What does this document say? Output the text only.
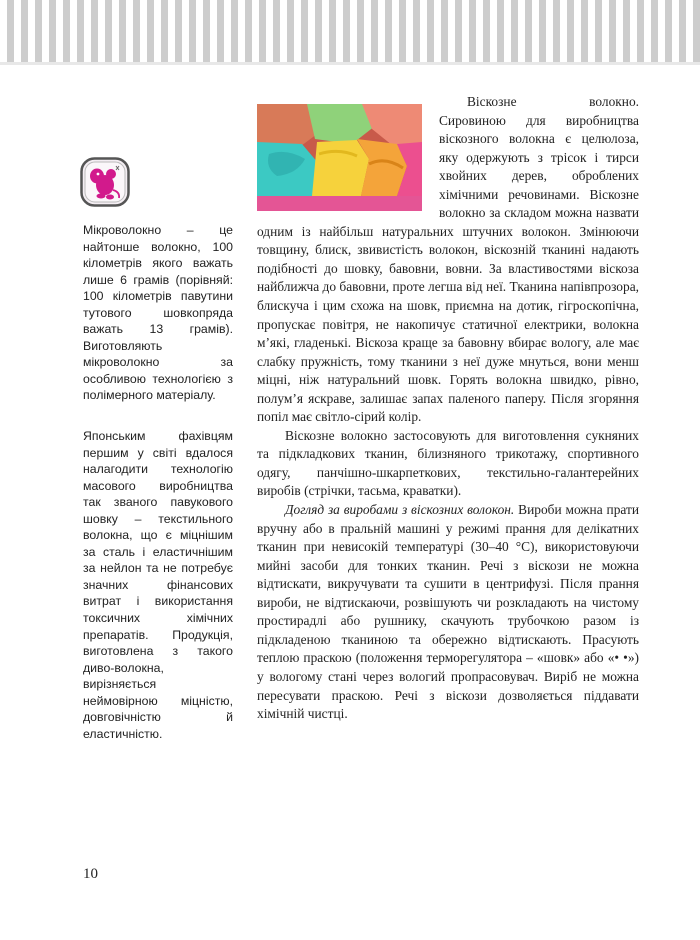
Мікроволокно – це найтонше волокно, 100 кілометрів якого важать лише 6 грамів (порівняй: 100 кілометрів павутини тутового шовкопряда важать 13 грамів). Виготовляють мікроволокно за особливою технологією з полімерного матеріалу.

Японським фахівцям першим у світі вдалося налагодити технологію масового виробництва так званого павукового шовку – текстильного волокна, що є міцнішим за сталь і еластичнішим за нейлон та не потребує значних фінансових витрат і використання токсичних хімічних препаратів. Продукція, виготовлена з такого диво-волокна, вирізняється неймовірною міцністю, довговічністю й еластичністю.

Віскозне волокно. Сировиною для виробництва віскозного волокна є целюлоза, яку одержують з трісок і тирси хвойних дерев, оброблених хімічними речовинами. Віскозне волокно за складом можна назвати одним із найбільш натуральних штучних волокон. Змінюючи товщину, блиск, звивистість волокон, віскозній тканині надають подібності до шовку, бавовни, вовни. За властивостями віскоза найближча до бавовни, проте легша від неї. Тканина напівпрозора, блискуча і цим схожа на шовк, приємна на дотик, гігроскопічна, пропускає повітря, не накопичує статичної електрики, волокна м’які, гладенькі. Віскоза краще за бавовну вбирає вологу, але має слабку пружність, тому тканини з неї дуже мнуться, вони менш міцні, ніж натуральний шовк. Горять волокна швидко, рівно, полум’я яскраве, залишає запах паленого паперу. Після згоряння попіл має світло-сірий колір.

Віскозне волокно застосовують для виготовлення сукняних та підкладкових тканин, білизняного трикотажу, спортивного одягу, панчішно-шкарпеткових, текстильно-галантерейних виробів (стрічки, тасьма, краватки).

Догляд за виробами з віскозних волокон. Вироби можна прати вручну або в пральній машині у режимі прання для делікатних тканин при невисокій температурі (30–40 °С), використовуючи мийні засоби для тонких тканин. Речі з віскози не можна відтискати, викручувати та сушити в центрифузі. Після прання вироби, не відтискаючи, розвішують чи розкладають на чистому простирадлі або рушнику, скачують трубочкою разом із підкладеною тканиною та обережно відтискають. Прасують теплою праскою (положення терморегулятора – «шовк» або «• •») у вологому стані через вологий пропрасовувач. Виріб не можна пересувати праскою. Речі з віскози дозволяється піддавати хімічній чистці.

10
